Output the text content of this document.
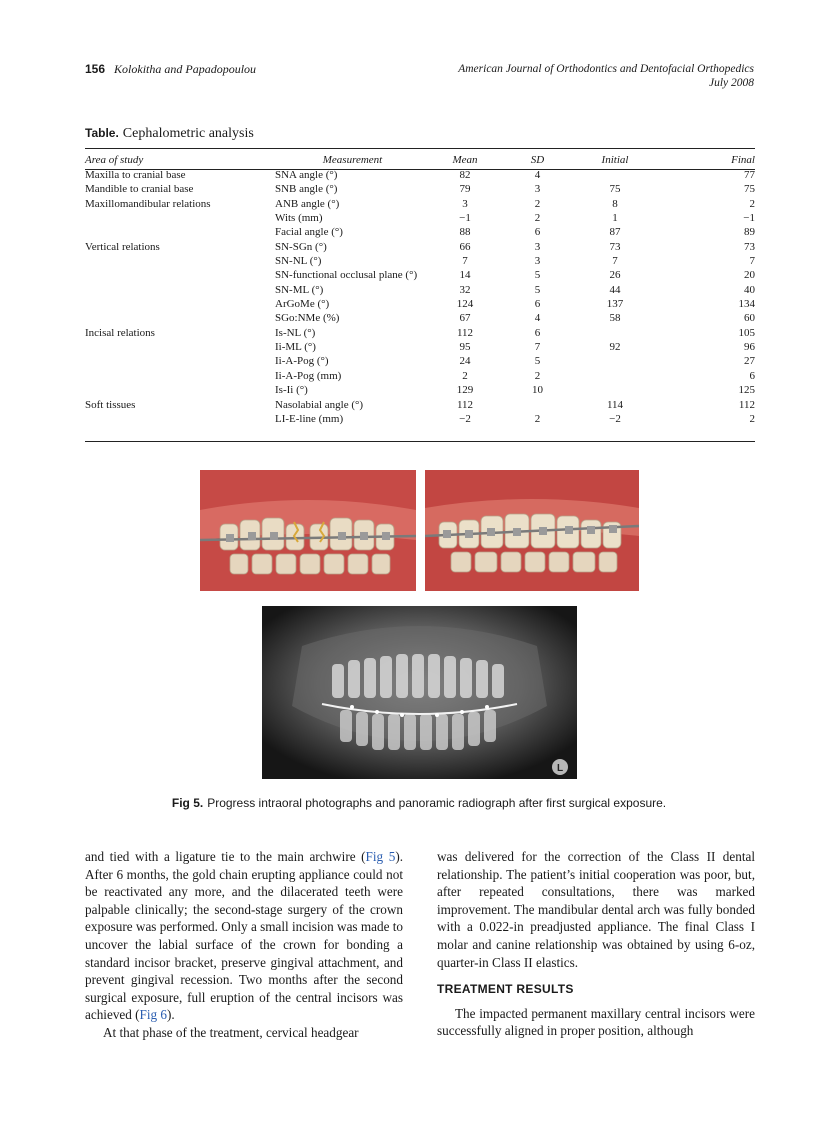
156 Kolokitha and Papadopoulou	American Journal of Orthodontics and Dentofacial Orthopedics
July 2008
Table. Cephalometric analysis
Area of study	Measurement	Mean	SD	Initial	Final
Maxilla to cranial base	SNA angle (°)	82	4		77
Mandible to cranial base	SNB angle (°)	79	3	75	75
Maxillomandibular relations	ANB angle (°)	3	2	8	2
	Wits (mm)	−1	2	1	−1
	Facial angle (°)	88	6	87	89
Vertical relations	SN-SGn (°)	66	3	73	73
	SN-NL (°)	7	3	7	7
	SN-functional occlusal plane (°)	14	5	26	20
	SN-ML (°)	32	5	44	40
	ArGoMe (°)	124	6	137	134
	SGo:NMe (%)	67	4	58	60
Incisal relations	Is-NL (°)	112	6		105
	Ii-ML (°)	95	7	92	96
	Ii-A-Pog (°)	24	5		27
	Ii-A-Pog (mm)	2	2		6
	Is-Ii (°)	129	10		125
Soft tissues	Nasolabial angle (°)	112		114	112
	LI-E-line (mm)	−2	2	−2	2
L
Fig 5. Progress intraoral photographs and panoramic radiograph after first surgical exposure.

and tied with a ligature tie to the main archwire (Fig 5). After 6 months, the gold chain erupting appliance could not be reactivated any more, and the dilacerated teeth were palpable clinically; the second-stage surgery of the crown exposure was performed. Only a small incision was made to uncover the labial surface of the crown for bonding a standard incisor bracket, preserve gingival attachment, and prevent gingival recession. Two months after the second surgical exposure, full eruption of the central incisors was achieved (Fig 6).

At that phase of the treatment, cervical headgear

was delivered for the correction of the Class II dental relationship. The patient’s initial cooperation was poor, but, after repeated consultations, there was marked improvement. The mandibular dental arch was fully bonded with a 0.022-in preadjusted appliance. The final Class I molar and canine relationship was obtained by using 6-oz, quarter-in Class II elastics.

TREATMENT RESULTS

The impacted permanent maxillary central incisors were successfully aligned in proper position, although
